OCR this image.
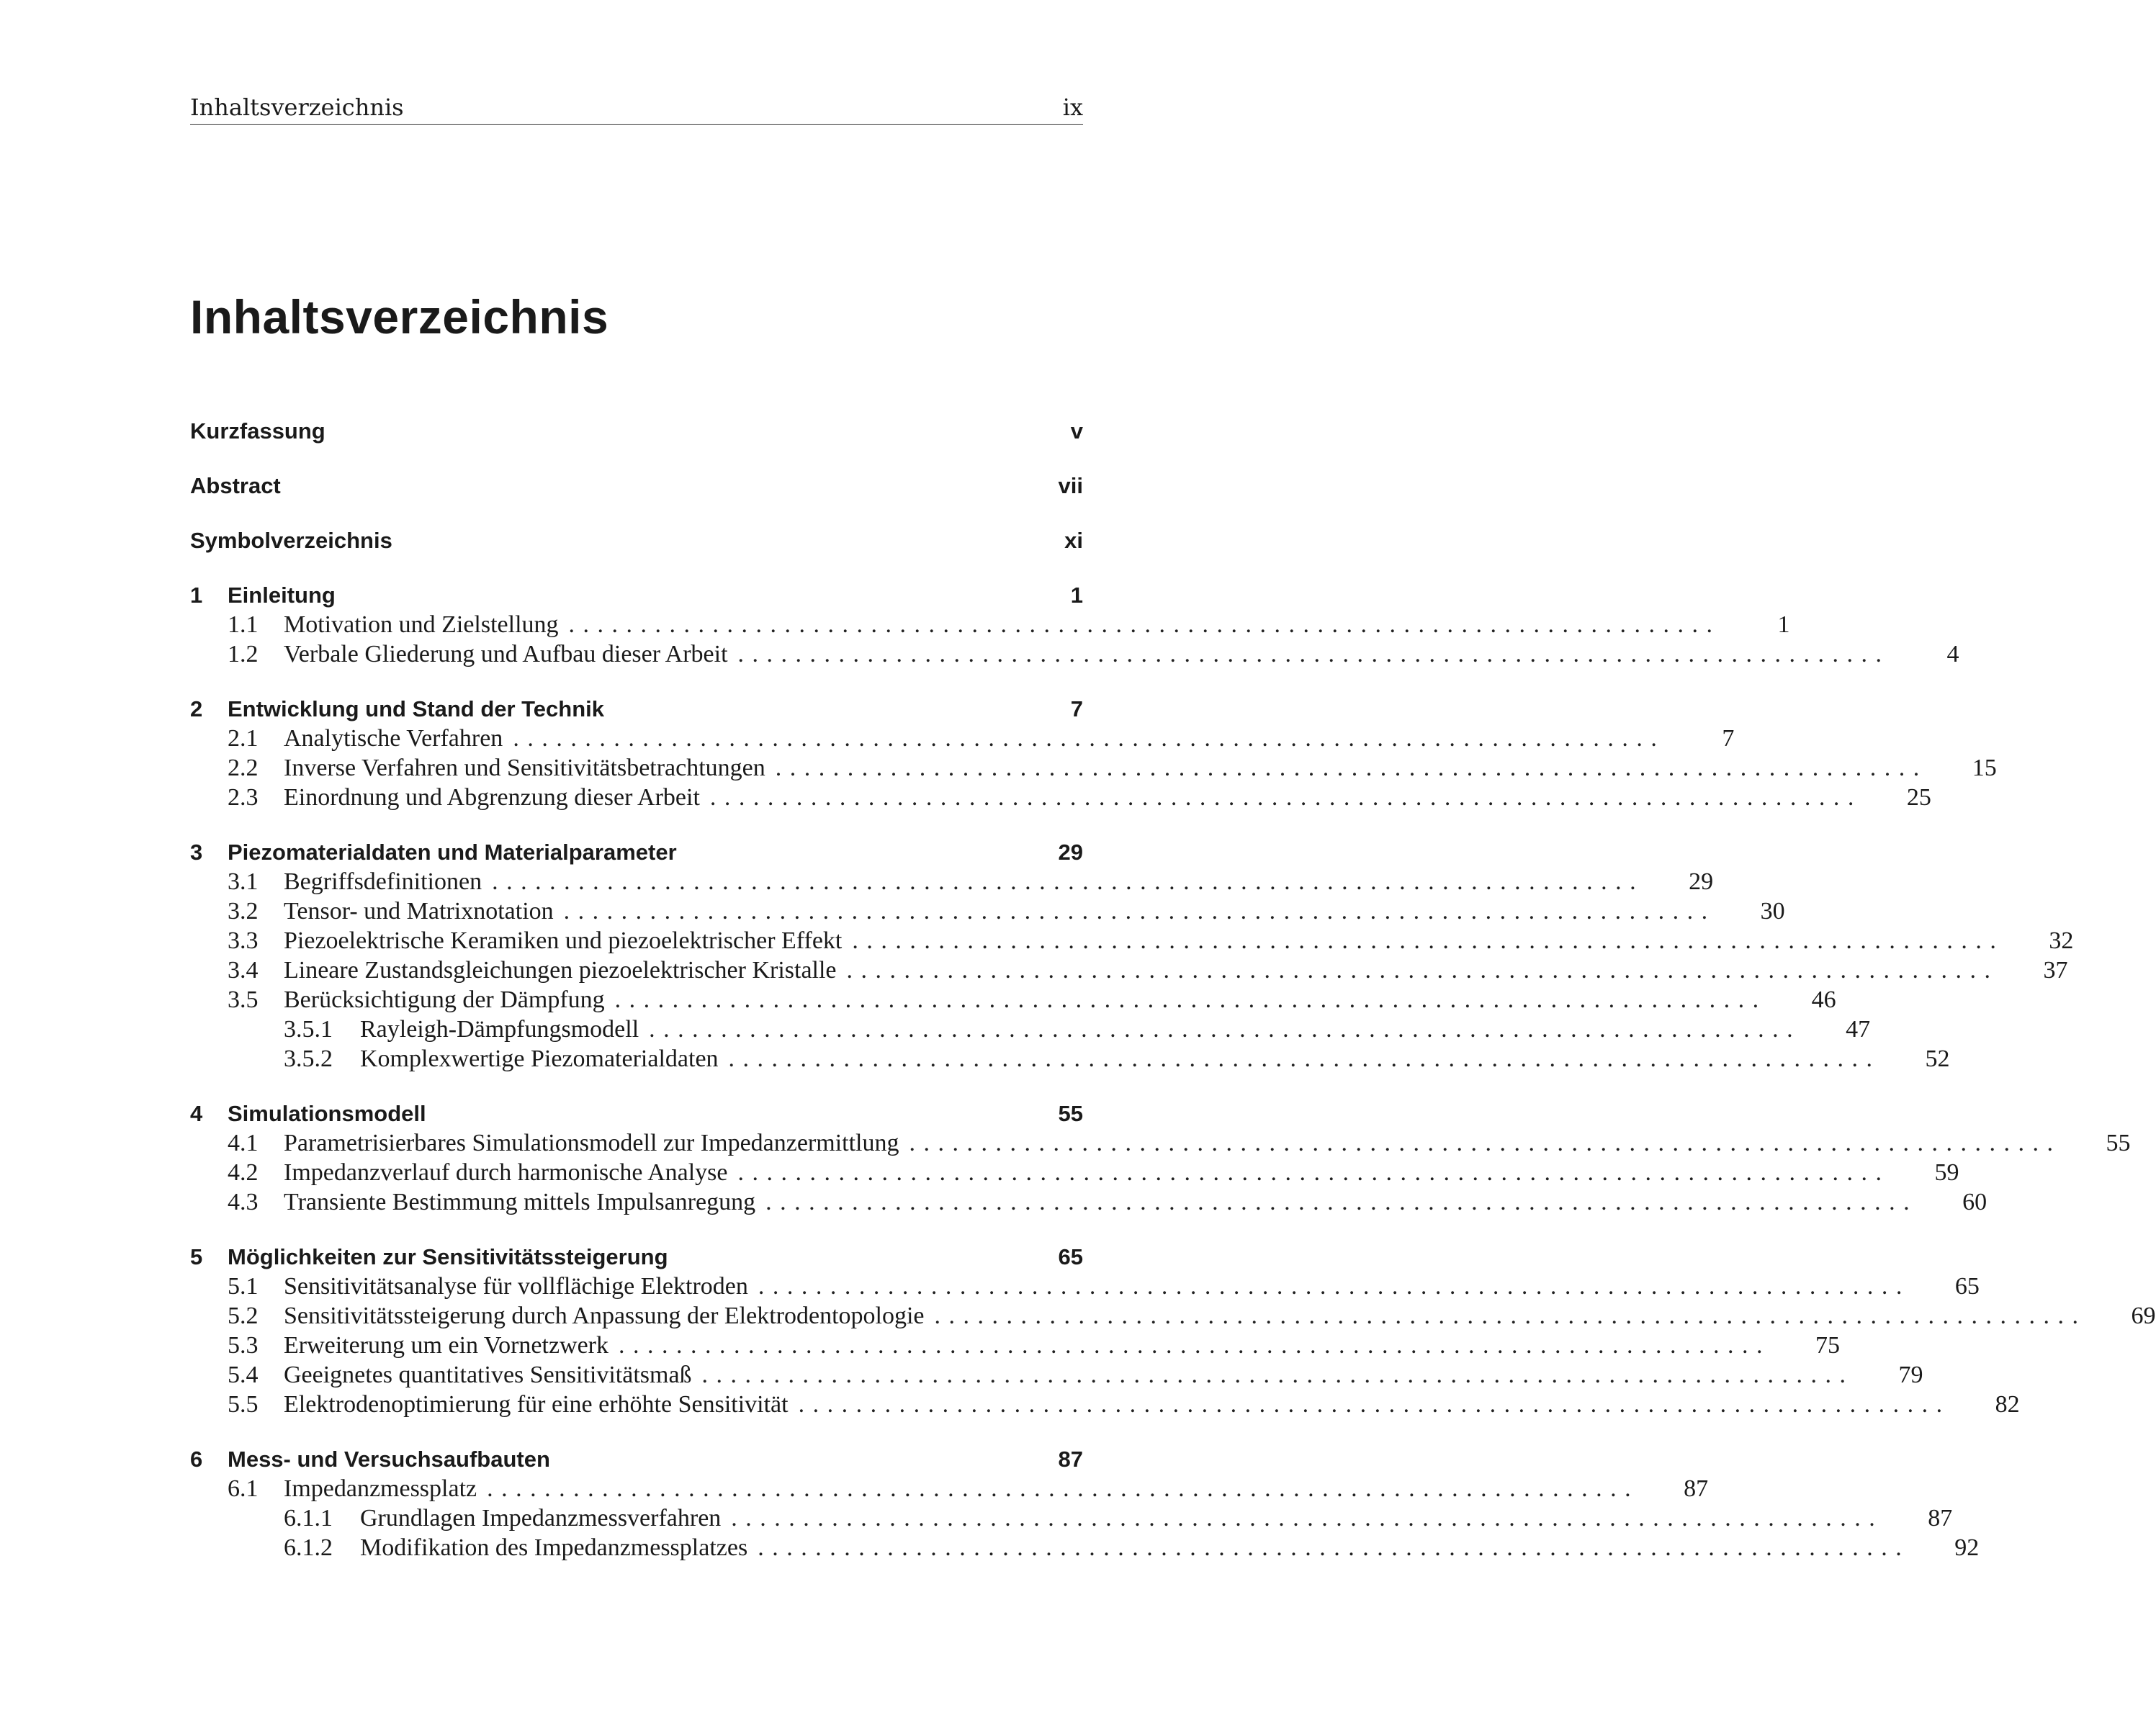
Inhaltsverzeichnis	ix
Inhaltsverzeichnis
Kurzfassung	v
Abstract	vii
Symbolverzeichnis	xi
1	Einleitung	1
1.1	Motivation und Zielstellung ................................................................................	1
1.2	Verbale Gliederung und Aufbau dieser Arbeit ................................................................................	4
2	Entwicklung und Stand der Technik	7
2.1	Analytische Verfahren ................................................................................	7
2.2	Inverse Verfahren und Sensitivitätsbetrachtungen ................................................................................ 15
2.3	Einordnung und Abgrenzung dieser Arbeit ................................................................................ 25
3	Piezomaterialdaten und Materialparameter	29
3.1	Begriffsdefinitionen ................................................................................ 29
3.2	Tensor- und Matrixnotation ................................................................................ 30
3.3	Piezoelektrische Keramiken und piezoelektrischer Effekt ................................................................................ 32
3.4	Lineare Zustandsgleichungen piezoelektrischer Kristalle ................................................................................ 37
3.5	Berücksichtigung der Dämpfung ................................................................................ 46
3.5.1	Rayleigh-Dämpfungsmodell ................................................................................ 47
3.5.2	Komplexwertige Piezomaterialdaten ................................................................................ 52
4	Simulationsmodell	55
4.1	Parametrisierbares Simulationsmodell zur Impedanzermittlung ................................................................................ 55
4.2	Impedanzverlauf durch harmonische Analyse ................................................................................ 59
4.3	Transiente Bestimmung mittels Impulsanregung ................................................................................ 60
5	Möglichkeiten zur Sensitivitätssteigerung	65
5.1	Sensitivitätsanalyse für vollflächige Elektroden ................................................................................ 65
5.2	Sensitivitätssteigerung durch Anpassung der Elektrodentopologie ................................................................................ 69
5.3	Erweiterung um ein Vornetzwerk ................................................................................ 75
5.4	Geeignetes quantitatives Sensitivitätsmaß ................................................................................ 79
5.5	Elektrodenoptimierung für eine erhöhte Sensitivität ................................................................................ 82
6	Mess- und Versuchsaufbauten	87
6.1	Impedanzmessplatz ................................................................................ 87
6.1.1	Grundlagen Impedanzmessverfahren ................................................................................ 87
6.1.2	Modifikation des Impedanzmessplatzes ................................................................................ 92
